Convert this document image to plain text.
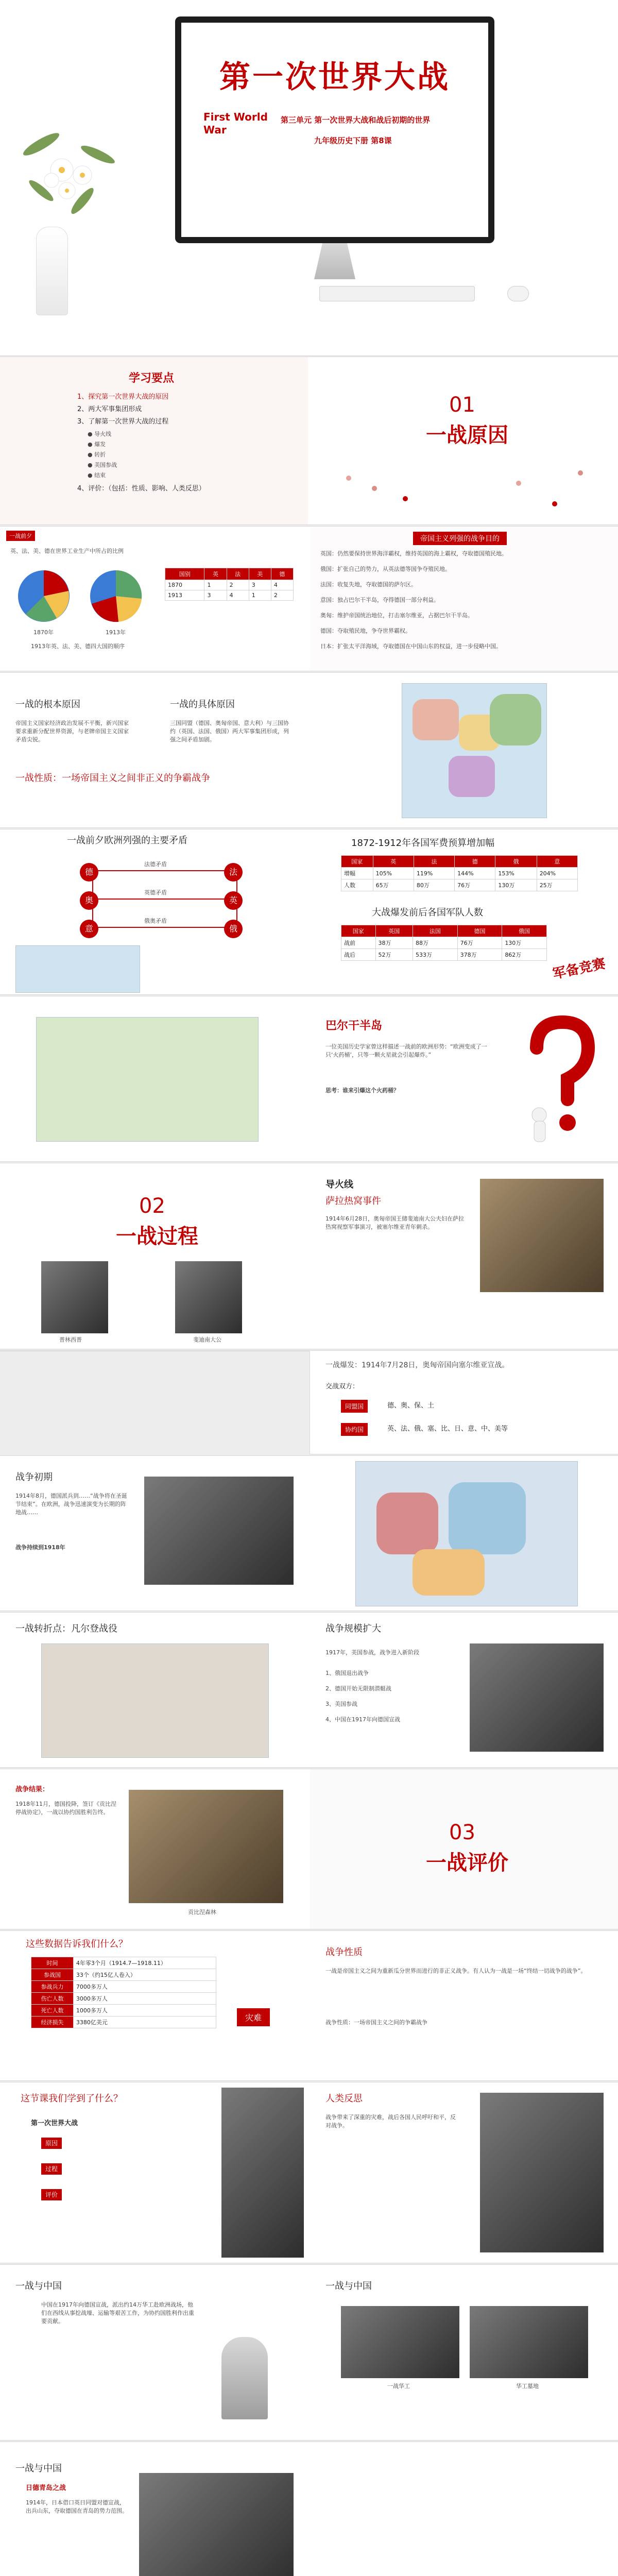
第一次世界大战
First World
War
第三单元 第一次世界大战和战后初期的世界
九年级历史下册 第8课
学习要点
1、探究第一次世界大战的原因
2、两大军事集团形成
3、了解第一次世界大战的过程
● 导火线
● 爆发
● 转折
● 美国参战
● 结束
4、评价：（包括：性质、影响、人类反思）
01
一战原因
一战前夕
英、法、美、德在世界工业生产中所占的比例
1870年	1913年
1913年英、法、美、德四大国的顺序
国别	英	法	美	德
1870	1	2	3	4
1913	3	4	1	2
帝国主义列强的战争目的
英国：仍然要保持世界海洋霸权，维持英国的海上霸权，夺取德国殖民地。
俄国：扩张自己的势力，从英法德等国争夺殖民地。
法国：收复失地，夺取德国的萨尔区。
意国：独占巴尔干半岛，夺得德国一部分利益。
奥匈：维护帝国统治地位，打击塞尔维亚，占据巴尔干半岛。
德国：夺取殖民地，争夺世界霸权。
日本：扩张太平洋海域，夺取德国在中国山东的权益，进一步侵略中国。
一战的根本原因	一战的具体原因
帝国主义国家经济政治发展不平衡，新兴国家要求重新分配世界资源，与老牌帝国主义国家矛盾尖锐。
三国同盟（德国、奥匈帝国、意大利）与三国协约（英国、法国、俄国）两大军事集团形成，列强之间矛盾加剧。
一战性质：一场帝国主义之间非正义的争霸战争
一战前夕欧洲列强的主要矛盾
德	法
英
俄
奥
意
法德矛盾
英德矛盾
俄奥矛盾
1872-1912年各国军费预算增加幅
国家	英	法	德	俄	意
增幅	105%	119%	144%	153%	204%
人数	65万	80万	76万	130万	25万
大战爆发前后各国军队人数
国家	英国	法国	德国	俄国
战前	38万	88万	76万	130万
战后	52万	533万	378万	862万
军备竞赛
巴尔干半岛
一位美国历史学家曾这样描述一战前的欧洲形势：“欧洲变成了一只‘火药桶’，只等一颗火星就会引起爆炸。”
思考：谁来引爆这个火药桶？
02
一战过程
普林西普	斐迪南大公
导火线
萨拉热窝事件
1914年6月28日，奥匈帝国王储斐迪南大公夫妇在萨拉热窝视察军事演习，被塞尔维亚青年刺杀。
一战爆发：1914年7月28日，奥匈帝国向塞尔维亚宣战。
交战双方：
同盟国	德、奥、保、土
协约国	英、法、俄、塞、比、日、意、中、美等
战争初期
1914年8月，德国派兵到……“战争将在圣诞节结束”。在欧洲，战争迅速演变为长期的阵地战……
战争持续到1918年
一战转折点：凡尔登战役	战争规模扩大
1917年，美国参战，战争进入新阶段
1、俄国退出战争
2、德国开始无限制潜艇战
3、美国参战
4、中国在1917年向德国宣战
战争结果：
1918年11月，德国投降，签订《贡比涅停战协定》，一战以协约国胜利告终。
贡比涅森林
03
一战评价
这些数据告诉我们什么？
时间	4年零3个月（1914.7—1918.11）
参战国	33个（约15亿人卷入）
参战兵力	7000多万人
伤亡人数	3000多万人
死亡人数	1000多万人
经济损失	3380亿美元	灾难
战争性质
一战是帝国主义之间为重新瓜分世界而进行的非正义战争。有人认为一战是一场“终结一切战争的战争”。
战争性质：一场帝国主义之间的争霸战争
这节课我们学到了什么？
第一次世界大战
原因
过程
评价
人类反思
战争带来了深重的灾难，战后各国人民呼吁和平，反对战争。
一战与中国
中国在1917年向德国宣战，派出约14万华工赴欧洲战场，他们在西线从事挖战壕、运输等艰苦工作，为协约国胜利作出重要贡献。
一战与中国
一战华工	华工墓地
一战与中国
日德青岛之战
1914年，日本借口英日同盟对德宣战，出兵山东，夺取德国在青岛的势力范围。
